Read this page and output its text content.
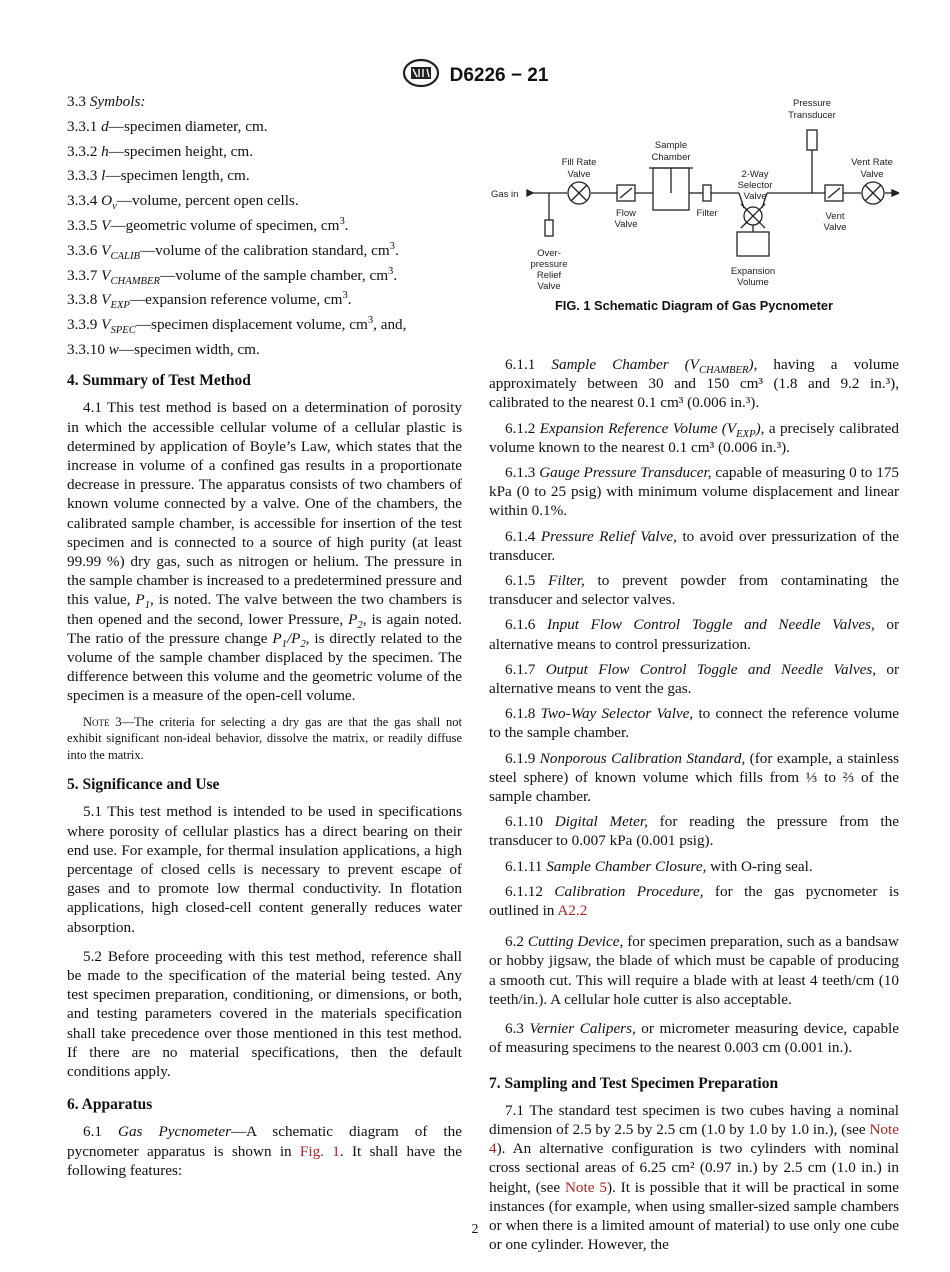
D6226 − 21
3.3 Symbols:
3.3.1 d—specimen diameter, cm.
3.3.2 h—specimen height, cm.
3.3.3 l—specimen length, cm.
3.3.4 $O_v—volume$, percent open cells.
3.3.5 V—geometric volume of specimen, $cm^3$.
3.3.6 $V_{CALIB}—volume$ of the calibration standard, $cm^3$.
3.3.7 $V_{CHAMBER}—volume$ of the sample chamber, $cm^3$.
3.3.8 $V_{EXP}—expansion$ reference volume, $cm^3$.
3.3.9 $V_{SPEC}—specimen$ displacement volume, $cm^3$, and,
3.3.10 w—specimen width, cm.
4. Summary of Test Method

4.1 This test method is based on a determination of porosity in which the accessible cellular volume of a cellular plastic is determined by application of Boyle’s Law, which states that the increase in volume of a confined gas results in a proportionate decrease in pressure. The apparatus consists of two chambers of known volume connected by a valve. One of the chambers, the calibrated sample chamber, is accessible for insertion of the test specimen and is connected to a source of high purity (at least 99.99 %) dry gas, such as nitrogen or helium. The pressure in the sample chamber is increased to a predetermined pressure and this value, $P_1$, is noted. The valve between the two chambers is then opened and the second, lower Pressure, $P_2$, is again noted. The ratio of the pressure change $P_1/P_2$, is directly related to the volume of the sample chamber displaced by the specimen. The difference between this volume and the geometric volume of the specimen is a measure of the open-cell volume.

Note 3—The criteria for selecting a dry gas are that the gas shall not exhibit significant non-ideal behavior, dissolve the matrix, or readily diffuse into the matrix.

5. Significance and Use

5.1 This test method is intended to be used in specifications where porosity of cellular plastics has a direct bearing on their end use. For example, for thermal insulation applications, a high percentage of closed cells is necessary to prevent escape of gases and to promote low thermal conductivity. In flotation applications, high closed-cell content generally reduces water absorption.

5.2 Before proceeding with this test method, reference shall be made to the specification of the material being tested. Any test specimen preparation, conditioning, or dimensions, or both, and testing parameters covered in the materials specification shall take precedence over those mentioned in this test method. If there are no material specifications, then the default conditions apply.

6. Apparatus

6.1 Gas Pycnometer—A schematic diagram of the pycnometer apparatus is shown in Fig. 1. It shall have the following features:

Pressure
Transducer
Sample
Chamber
Fill Rate
Valve	2-Way
Selector
Valve
Vent Rate
Valve
Gas in
Flow
Valve
Filter	Vent
Valve
Over-
pressure
Relief
Valve
Expansion
Volume
FIG. 1 Schematic Diagram of Gas Pycnometer

6.1.1 Sample Chamber $(V_{CHAMBER})$, having a volume approximately between 30 and 150 cm³ (1.8 and 9.2 in.³), calibrated to the nearest 0.1 cm³ (0.006 in.³).

6.1.2 Expansion Reference Volume $(V_{EXP})$, a precisely calibrated volume known to the nearest 0.1 cm³ (0.006 in.³).

6.1.3 Gauge Pressure Transducer, capable of measuring 0 to 175 kPa (0 to 25 psig) with minimum volume displacement and linear within 0.1%.

6.1.4 Pressure Relief Valve, to avoid over pressurization of the transducer.

6.1.5 Filter, to prevent powder from contaminating the transducer and selector valves.

6.1.6 Input Flow Control Toggle and Needle Valves, or alternative means to control pressurization.

6.1.7 Output Flow Control Toggle and Needle Valves, or alternative means to vent the gas.

6.1.8 Two-Way Selector Valve, to connect the reference volume to the sample chamber.

6.1.9 Nonporous Calibration Standard, (for example, a stainless steel sphere) of known volume which fills from ⅓ to ⅔ of the sample chamber.

6.1.10 Digital Meter, for reading the pressure from the transducer to 0.007 kPa (0.001 psig).

6.1.11 Sample Chamber Closure, with O-ring seal.

6.1.12 Calibration Procedure, for the gas pycnometer is outlined in A2.2

6.2 Cutting Device, for specimen preparation, such as a bandsaw or hobby jigsaw, the blade of which must be capable of producing a smooth cut. This will require a blade with at least 4 teeth/cm (10 teeth/in.). A cellular hole cutter is also acceptable.

6.3 Vernier Calipers, or micrometer measuring device, capable of measuring specimens to the nearest 0.003 cm (0.001 in.).

7. Sampling and Test Specimen Preparation

7.1 The standard test specimen is two cubes having a nominal dimension of 2.5 by 2.5 by 2.5 cm (1.0 by 1.0 by 1.0 in.), (see Note 4). An alternative configuration is two cylinders with nominal cross sectional areas of 6.25 cm² (0.97 in.) by 2.5 cm (1.0 in.) in height, (see Note 5). It is possible that it will be practical in some instances (for example, when using smaller-sized sample chambers or when there is a limited amount of material) to use only one cube or one cylinder. However, the

2
